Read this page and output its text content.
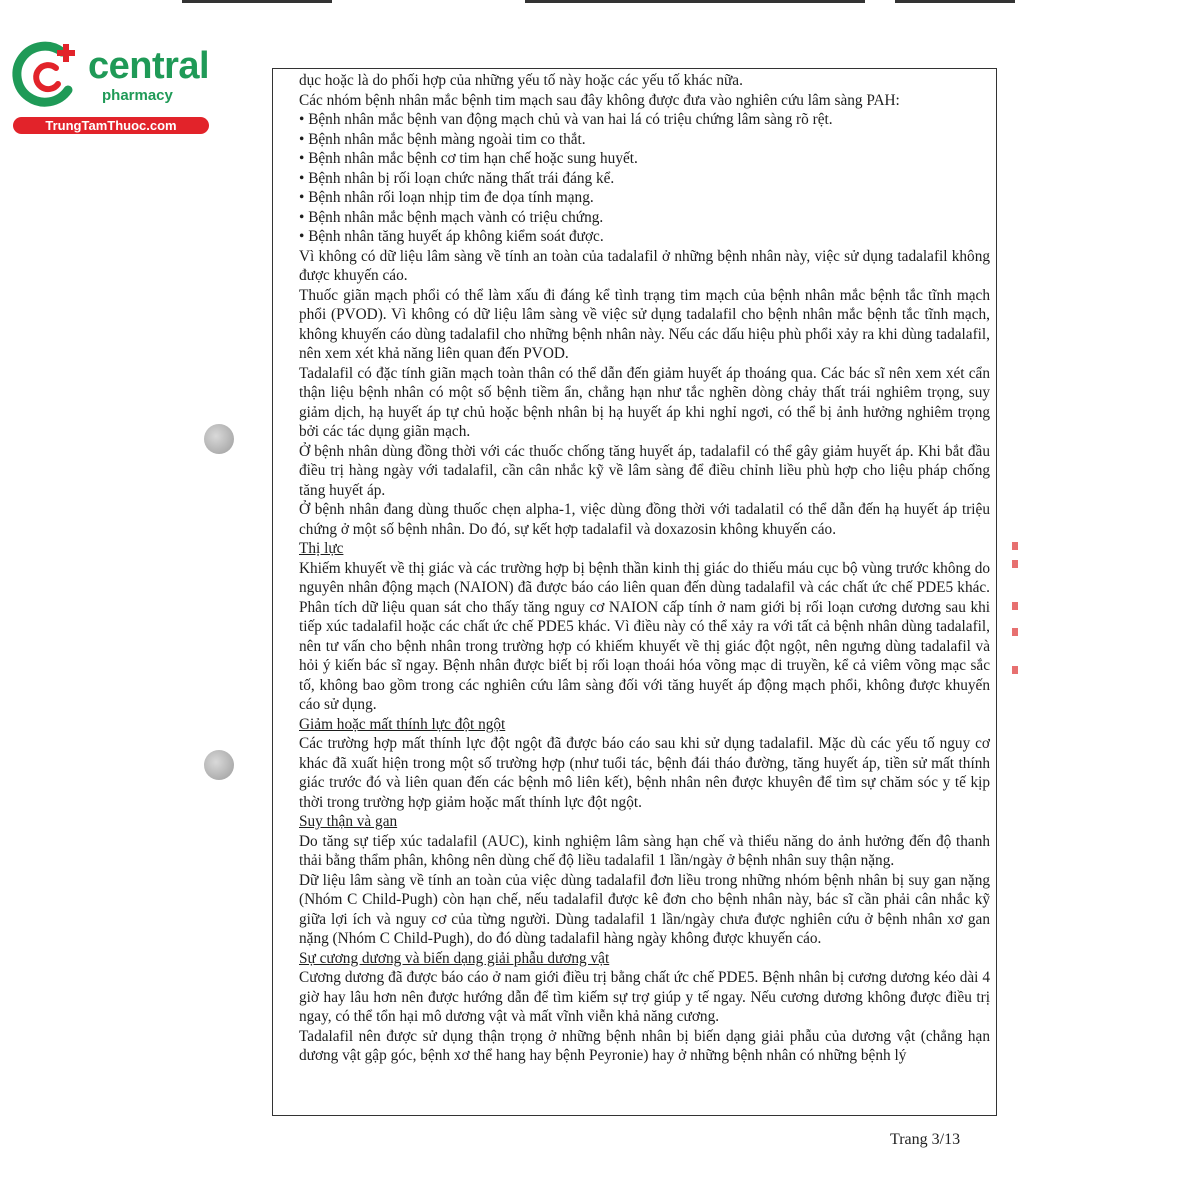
central
pharmacy
TrungTamThuoc.com

dục hoặc là do phối hợp của những yếu tố này hoặc các yếu tố khác nữa.

Các nhóm bệnh nhân mắc bệnh tim mạch sau đây không được đưa vào nghiên cứu lâm sàng PAH:

• Bệnh nhân mắc bệnh van động mạch chủ và van hai lá có triệu chứng lâm sàng rõ rệt.

• Bệnh nhân mắc bệnh màng ngoài tim co thắt.

• Bệnh nhân mắc bệnh cơ tim hạn chế hoặc sung huyết.

• Bệnh nhân bị rối loạn chức năng thất trái đáng kể.

• Bệnh nhân rối loạn nhịp tim đe dọa tính mạng.

• Bệnh nhân mắc bệnh mạch vành có triệu chứng.

• Bệnh nhân tăng huyết áp không kiểm soát được.

Vì không có dữ liệu lâm sàng về tính an toàn của tadalafil ở những bệnh nhân này, việc sử dụng tadalafil không được khuyến cáo.

Thuốc giãn mạch phổi có thể làm xấu đi đáng kể tình trạng tim mạch của bệnh nhân mắc bệnh tắc tĩnh mạch phổi (PVOD). Vì không có dữ liệu lâm sàng về việc sử dụng tadalafil cho bệnh nhân mắc bệnh tắc tĩnh mạch, không khuyến cáo dùng tadalafil cho những bệnh nhân này. Nếu các dấu hiệu phù phổi xảy ra khi dùng tadalafil, nên xem xét khả năng liên quan đến PVOD.

Tadalafil có đặc tính giãn mạch toàn thân có thể dẫn đến giảm huyết áp thoáng qua. Các bác sĩ nên xem xét cẩn thận liệu bệnh nhân có một số bệnh tiềm ẩn, chẳng hạn như tắc nghẽn dòng chảy thất trái nghiêm trọng, suy giảm dịch, hạ huyết áp tự chủ hoặc bệnh nhân bị hạ huyết áp khi nghỉ ngơi, có thể bị ảnh hưởng nghiêm trọng bởi các tác dụng giãn mạch.

Ở bệnh nhân dùng đồng thời với các thuốc chống tăng huyết áp, tadalafil có thể gây giảm huyết áp. Khi bắt đầu điều trị hàng ngày với tadalafil, cần cân nhắc kỹ về lâm sàng để điều chỉnh liều phù hợp cho liệu pháp chống tăng huyết áp.

Ở bệnh nhân đang dùng thuốc chẹn alpha-1, việc dùng đồng thời với tadalatil có thể dẫn đến hạ huyết áp triệu chứng ở một số bệnh nhân. Do đó, sự kết hợp tadalafil và doxazosin không khuyến cáo.

Thị lực

Khiếm khuyết về thị giác và các trường hợp bị bệnh thần kinh thị giác do thiếu máu cục bộ vùng trước không do nguyên nhân động mạch (NAION) đã được báo cáo liên quan đến dùng tadalafil và các chất ức chế PDE5 khác. Phân tích dữ liệu quan sát cho thấy tăng nguy cơ NAION cấp tính ở nam giới bị rối loạn cương dương sau khi tiếp xúc tadalafil hoặc các chất ức chế PDE5 khác. Vì điều này có thể xảy ra với tất cả bệnh nhân dùng tadalafil, nên tư vấn cho bệnh nhân trong trường hợp có khiếm khuyết về thị giác đột ngột, nên ngưng dùng tadalafil và hỏi ý kiến bác sĩ ngay. Bệnh nhân được biết bị rối loạn thoái hóa võng mạc di truyền, kể cả viêm võng mạc sắc tố, không bao gồm trong các nghiên cứu lâm sàng đối với tăng huyết áp động mạch phổi, không được khuyến cáo sử dụng.

Giảm hoặc mất thính lực đột ngột

Các trường hợp mất thính lực đột ngột đã được báo cáo sau khi sử dụng tadalafil. Mặc dù các yếu tố nguy cơ khác đã xuất hiện trong một số trường hợp (như tuổi tác, bệnh đái tháo đường, tăng huyết áp, tiền sử mất thính giác trước đó và liên quan đến các bệnh mô liên kết), bệnh nhân nên được khuyên để tìm sự chăm sóc y tế kịp thời trong trường hợp giảm hoặc mất thính lực đột ngột.

Suy thận và gan

Do tăng sự tiếp xúc tadalafil (AUC), kinh nghiệm lâm sàng hạn chế và thiểu năng do ảnh hưởng đến độ thanh thải bằng thẩm phân, không nên dùng chế độ liều tadalafil 1 lần/ngày ở bệnh nhân suy thận nặng.

Dữ liệu lâm sàng về tính an toàn của việc dùng tadalafil đơn liều trong những nhóm bệnh nhân bị suy gan nặng (Nhóm C Child-Pugh) còn hạn chế, nếu tadalafil được kê đơn cho bệnh nhân này, bác sĩ cần phải cân nhắc kỹ giữa lợi ích và nguy cơ của từng người. Dùng tadalafil 1 lần/ngày chưa được nghiên cứu ở bệnh nhân xơ gan nặng (Nhóm C Child-Pugh), do đó dùng tadalafil hàng ngày không được khuyến cáo.

Sự cương dương và biến dạng giải phẫu dương vật

Cương dương đã được báo cáo ở nam giới điều trị bằng chất ức chế PDE5. Bệnh nhân bị cương dương kéo dài 4 giờ hay lâu hơn nên được hướng dẫn để tìm kiếm sự trợ giúp y tế ngay. Nếu cương dương không được điều trị ngay, có thể tổn hại mô dương vật và mất vĩnh viễn khả năng cương.

Tadalafil nên được sử dụng thận trọng ở những bệnh nhân bị biến dạng giải phẫu của dương vật (chẳng hạn dương vật gập góc, bệnh xơ thể hang hay bệnh Peyronie) hay ở những bệnh nhân có những bệnh lý

Trang 3/13
